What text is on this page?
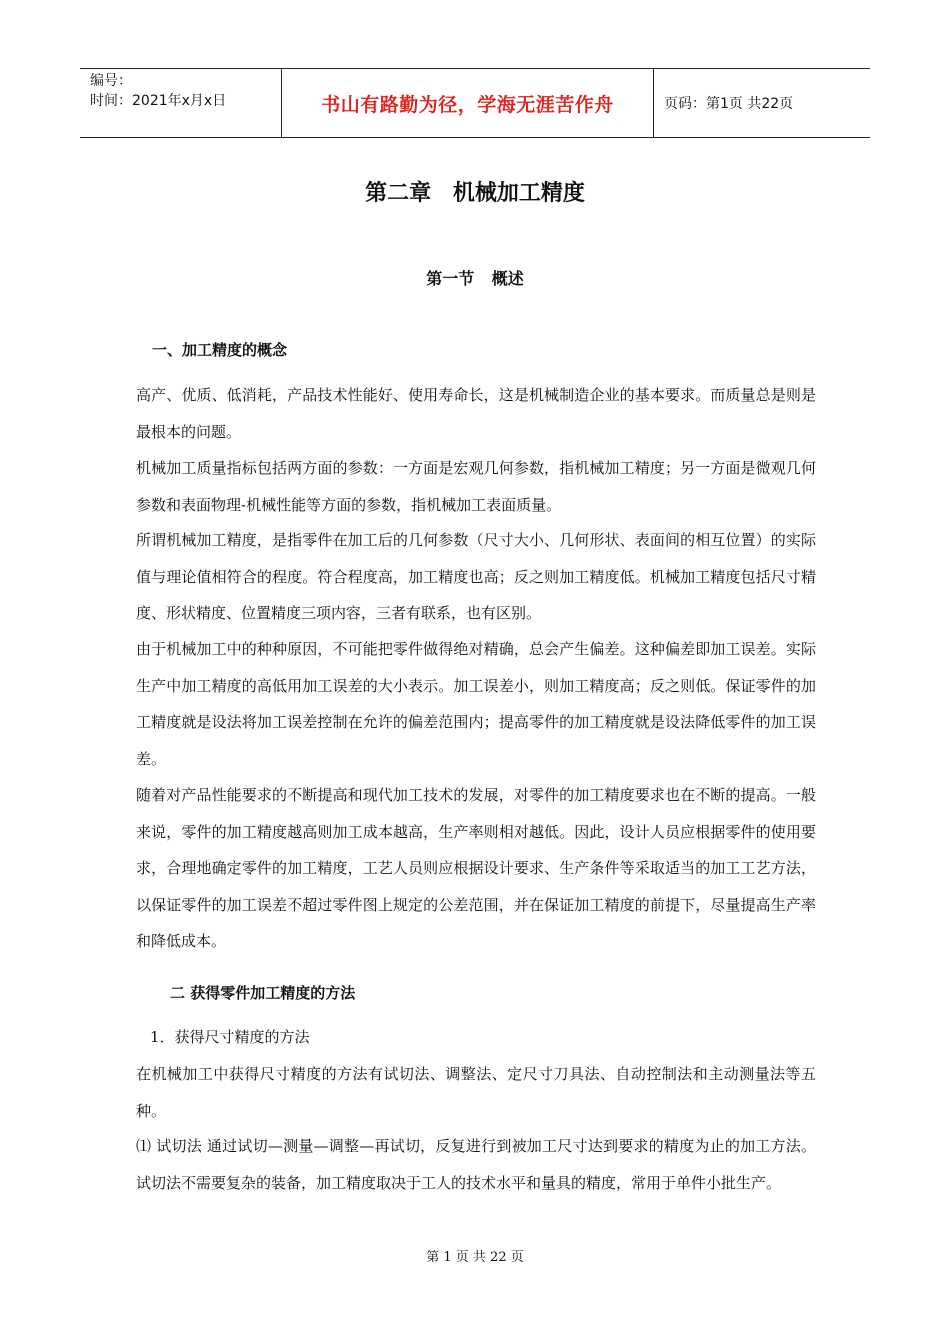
编号：
时间：2021年x月x日	书山有路勤为径，学海无涯苦作舟	页码：第1页 共22页
第二章 机械加工精度
第一节 概述
一、加工精度的概念

高产、优质、低消耗，产品技术性能好、使用寿命长，这是机械制造企业的基本要求。而质量总是则是最根本的问题。

机械加工质量指标包括两方面的参数：一方面是宏观几何参数，指机械加工精度；另一方面是微观几何参数和表面物理-机械性能等方面的参数，指机械加工表面质量。

所谓机械加工精度，是指零件在加工后的几何参数（尺寸大小、几何形状、表面间的相互位置）的实际值与理论值相符合的程度。符合程度高，加工精度也高；反之则加工精度低。机械加工精度包括尺寸精度、形状精度、位置精度三项内容，三者有联系，也有区别。

由于机械加工中的种种原因，不可能把零件做得绝对精确，总会产生偏差。这种偏差即加工误差。实际生产中加工精度的高低用加工误差的大小表示。加工误差小，则加工精度高；反之则低。保证零件的加工精度就是设法将加工误差控制在允许的偏差范围内；提高零件的加工精度就是设法降低零件的加工误差。

随着对产品性能要求的不断提高和现代加工技术的发展，对零件的加工精度要求也在不断的提高。一般来说，零件的加工精度越高则加工成本越高，生产率则相对越低。因此，设计人员应根据零件的使用要求，合理地确定零件的加工精度，工艺人员则应根据设计要求、生产条件等采取适当的加工工艺方法，以保证零件的加工误差不超过零件图上规定的公差范围，并在保证加工精度的前提下，尽量提高生产率和降低成本。

二 获得零件加工精度的方法
1．获得尺寸精度的方法

在机械加工中获得尺寸精度的方法有试切法、调整法、定尺寸刀具法、自动控制法和主动测量法等五种。

⑴ 试切法 通过试切—测量—调整—再试切，反复进行到被加工尺寸达到要求的精度为止的加工方法。试切法不需要复杂的装备，加工精度取决于工人的技术水平和量具的精度，常用于单件小批生产。

第 1 页 共 22 页
